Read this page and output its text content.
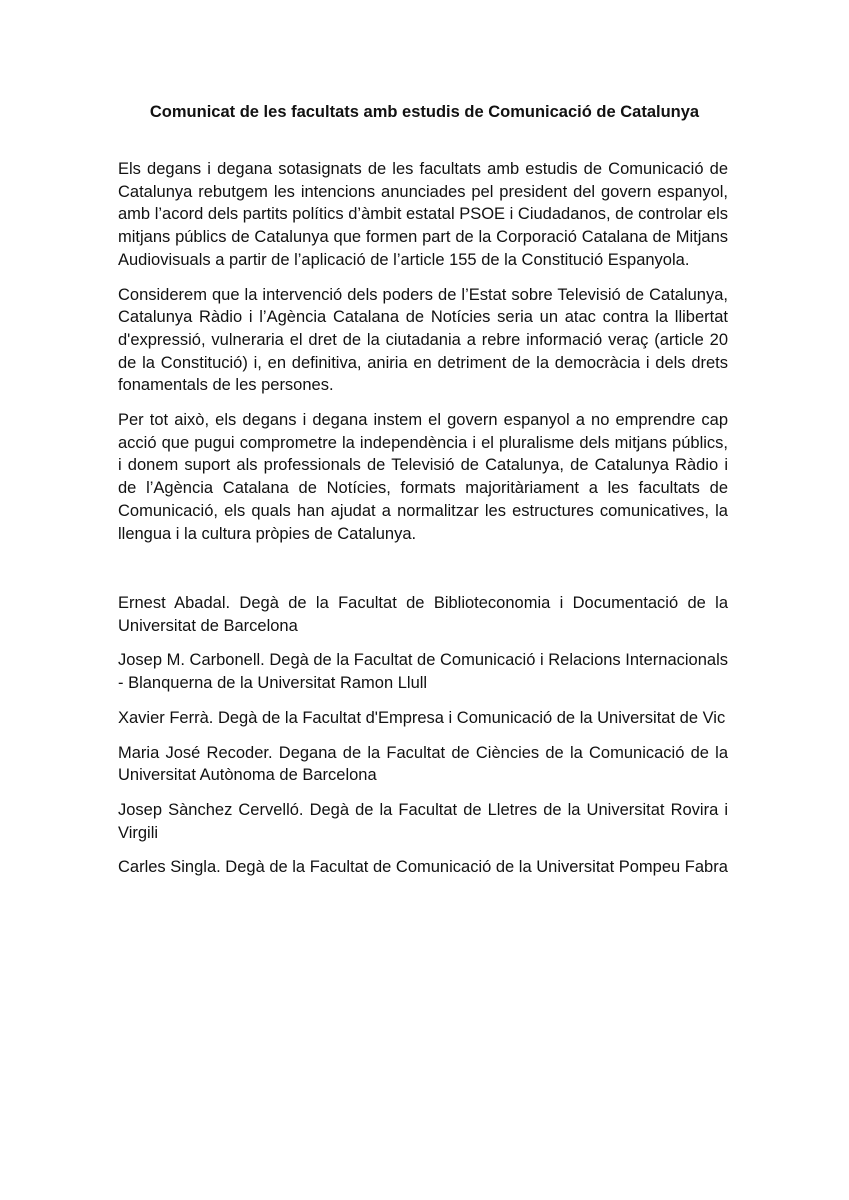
Comunicat de les facultats amb estudis de Comunicació de Catalunya

Els degans i degana sotasignats de les facultats amb estudis de Comunicació de Catalunya rebutgem les intencions anunciades pel president del govern espanyol, amb l’acord dels partits polítics d’àmbit estatal PSOE i Ciudadanos, de controlar els mitjans públics de Catalunya que formen part de la Corporació Catalana de Mitjans Audiovisuals a partir de l’aplicació de l’article 155 de la Constitució Espanyola.

Considerem que la intervenció dels poders de l’Estat sobre Televisió de Catalunya, Catalunya Ràdio i l’Agència Catalana de Notícies seria un atac contra la llibertat d'expressió, vulneraria el dret de la ciutadania a rebre informació veraç (article 20 de la Constitució) i, en definitiva, aniria en detriment de la democràcia i dels drets fonamentals de les persones.

Per tot això, els degans i degana instem el govern espanyol a no emprendre cap acció que pugui comprometre la independència i el pluralisme dels mitjans públics, i donem suport als professionals de Televisió de Catalunya, de Catalunya Ràdio i de l’Agència Catalana de Notícies, formats majoritàriament a les facultats de Comunicació, els quals han ajudat a normalitzar les estructures comunicatives, la llengua i la cultura pròpies de Catalunya.

Ernest Abadal. Degà de la Facultat de Biblioteconomia i Documentació de la Universitat de Barcelona

Josep M. Carbonell. Degà de la Facultat de Comunicació i Relacions Internacionals - Blanquerna de la Universitat Ramon Llull

Xavier Ferrà. Degà de la Facultat d'Empresa i Comunicació de la Universitat de Vic

Maria José Recoder. Degana de la Facultat de Ciències de la Comunicació de la Universitat Autònoma de Barcelona

Josep Sànchez Cervelló. Degà de la Facultat de Lletres de la Universitat Rovira i Virgili

Carles Singla. Degà de la Facultat de Comunicació de la Universitat Pompeu Fabra
